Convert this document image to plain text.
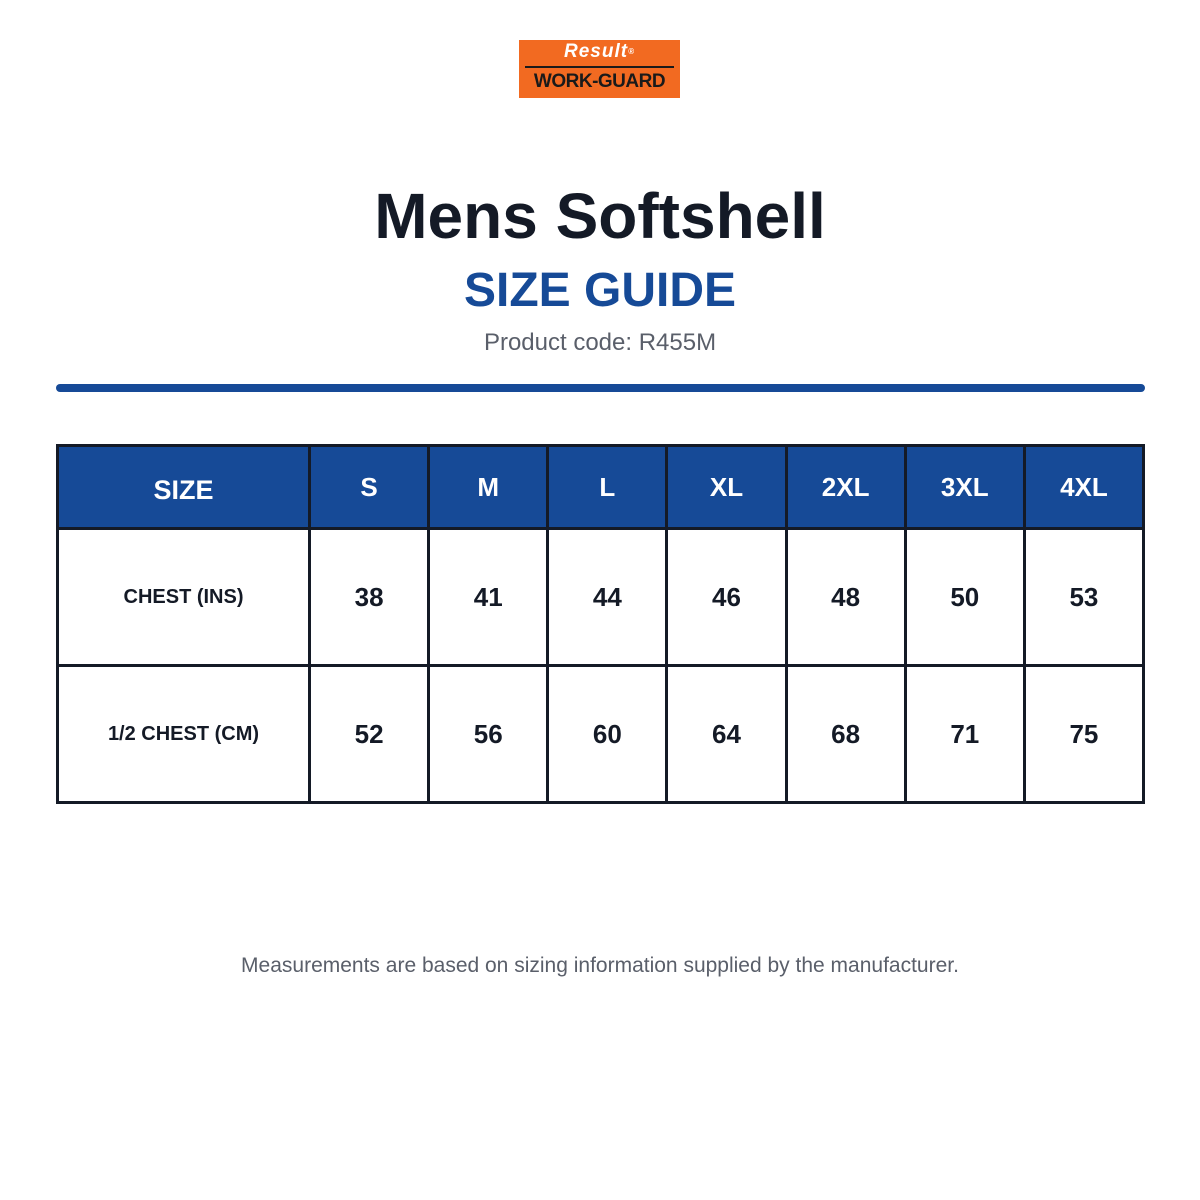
Result®
WORK-GUARD
Mens Softshell
SIZE GUIDE
Product code: R455M
SIZE	S	M	L	XL	2XL	3XL	4XL
CHEST (INS)	38	41	44	46	48	50	53
1/2 CHEST (CM)	52	56	60	64	68	71	75
Measurements are based on sizing information supplied by the manufacturer.
